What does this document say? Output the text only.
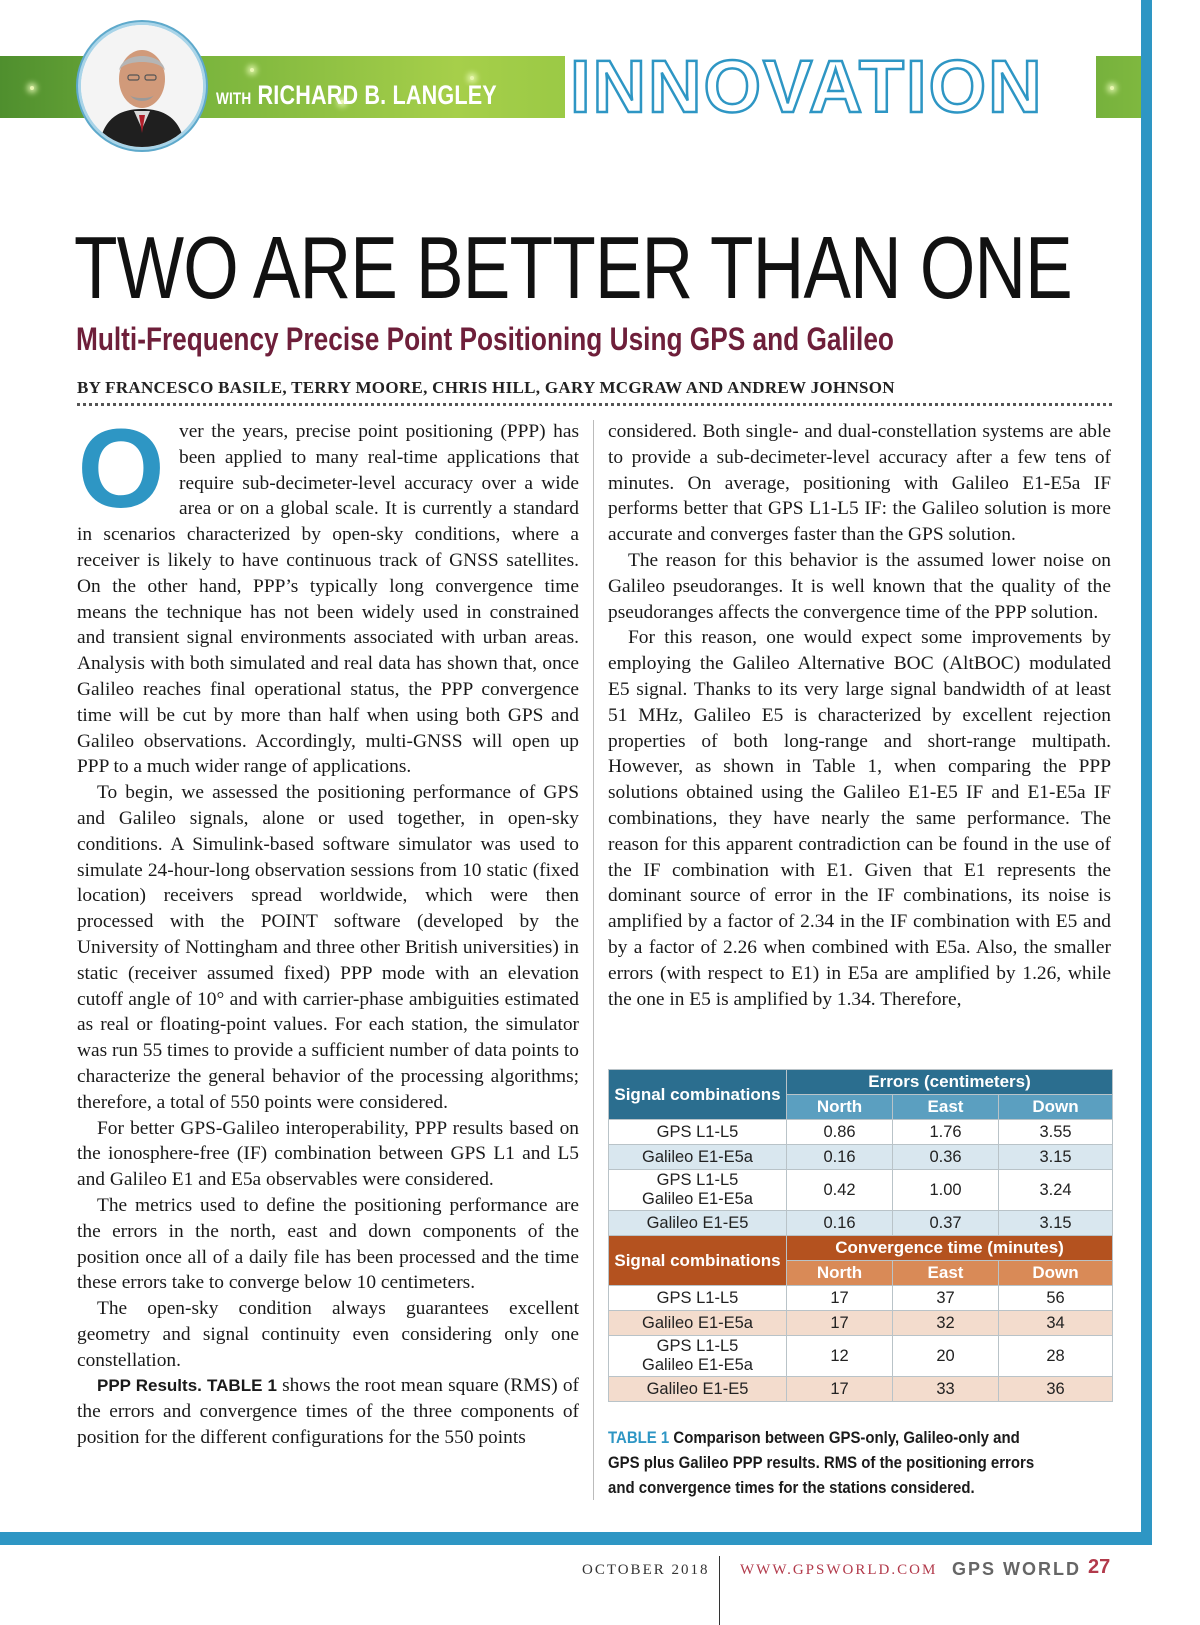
WITH RICHARD B. LANGLEY INNOVATION
TWO ARE BETTER THAN ONE
Multi-Frequency Precise Point Positioning Using GPS and Galileo
BY FRANCESCO BASILE, TERRY MOORE, CHRIS HILL, GARY MCGRAW AND ANDREW JOHNSON
O ver the years, precise point positioning (PPP) has been applied to many real-time applications that require sub-decimeter-level accuracy over a wide area or on a global scale. It is currently a standard in scenarios characterized by open-sky conditions, where a receiver is likely to have continuous track of GNSS satellites. On the other hand, PPP’s typically long convergence time means the technique has not been widely used in constrained and transient signal environments associated with urban areas. Analysis with both simulated and real data has shown that, once Galileo reaches final operational status, the PPP convergence time will be cut by more than half when using both GPS and Galileo observations. Accordingly, multi-GNSS will open up PPP to a much wider range of applications.

To begin, we assessed the positioning performance of GPS and Galileo signals, alone or used together, in open-sky conditions. A Simulink-based software simulator was used to simulate 24-hour-long observation sessions from 10 static (fixed location) receivers spread worldwide, which were then processed with the POINT software (developed by the University of Nottingham and three other British universities) in static (receiver assumed fixed) PPP mode with an elevation cutoff angle of 10° and with carrier-phase ambiguities estimated as real or floating-point values. For each station, the simulator was run 55 times to provide a sufficient number of data points to characterize the general behavior of the processing algorithms; therefore, a total of 550 points were considered.

For better GPS-Galileo interoperability, PPP results based on the ionosphere-free (IF) combination between GPS L1 and L5 and Galileo E1 and E5a observables were considered.

The metrics used to define the positioning performance are the errors in the north, east and down components of the position once all of a daily file has been processed and the time these errors take to converge below 10 centimeters.

The open-sky condition always guarantees excellent geometry and signal continuity even considering only one constellation.

PPP Results. TABLE 1 shows the root mean square (RMS) of the errors and convergence times of the three components of position for the different configurations for the 550 points

considered. Both single- and dual-constellation systems are able to provide a sub-decimeter-level accuracy after a few tens of minutes. On average, positioning with Galileo E1-E5a IF performs better that GPS L1-L5 IF: the Galileo solution is more accurate and converges faster than the GPS solution.

The reason for this behavior is the assumed lower noise on Galileo pseudoranges. It is well known that the quality of the pseudoranges affects the convergence time of the PPP solution.

For this reason, one would expect some improvements by employing the Galileo Alternative BOC (AltBOC) modulated E5 signal. Thanks to its very large signal bandwidth of at least 51 MHz, Galileo E5 is characterized by excellent rejection properties of both long-range and short-range multipath. However, as shown in Table 1, when comparing the PPP solutions obtained using the Galileo E1-E5 IF and E1-E5a IF combinations, they have nearly the same performance. The reason for this apparent contradiction can be found in the use of the IF combination with E1. Given that E1 represents the dominant source of error in the IF combinations, its noise is amplified by a factor of 2.34 in the IF combination with E5 and by a factor of 2.26 when combined with E5a. Also, the smaller errors (with respect to E1) in E5a are amplified by 1.26, while the one in E5 is amplified by 1.34. Therefore,

Signal combinations	Errors (centimeters)		
	North	East	Down
GPS L1-L5	0.86	1.76	3.55
Galileo E1-E5a	0.16	0.36	3.15
GPS L1-L5
Galileo E1-E5a	0.42	1.00	3.24
Galileo E1-E5	0.16	0.37	3.15
Signal combinations	Convergence time (minutes)		
	North	East	Down
GPS L1-L5	17	37	56
Galileo E1-E5a	17	32	34
GPS L1-L5
Galileo E1-E5a	12	20	28
Galileo E1-E5	17	33	36
TABLE 1 Comparison between GPS-only, Galileo-only and GPS plus Galileo PPP results. RMS of the positioning errors and convergence times for the stations considered.
OCTOBER 2018 WWW.GPSWORLD.COM GPS WORLD 27
